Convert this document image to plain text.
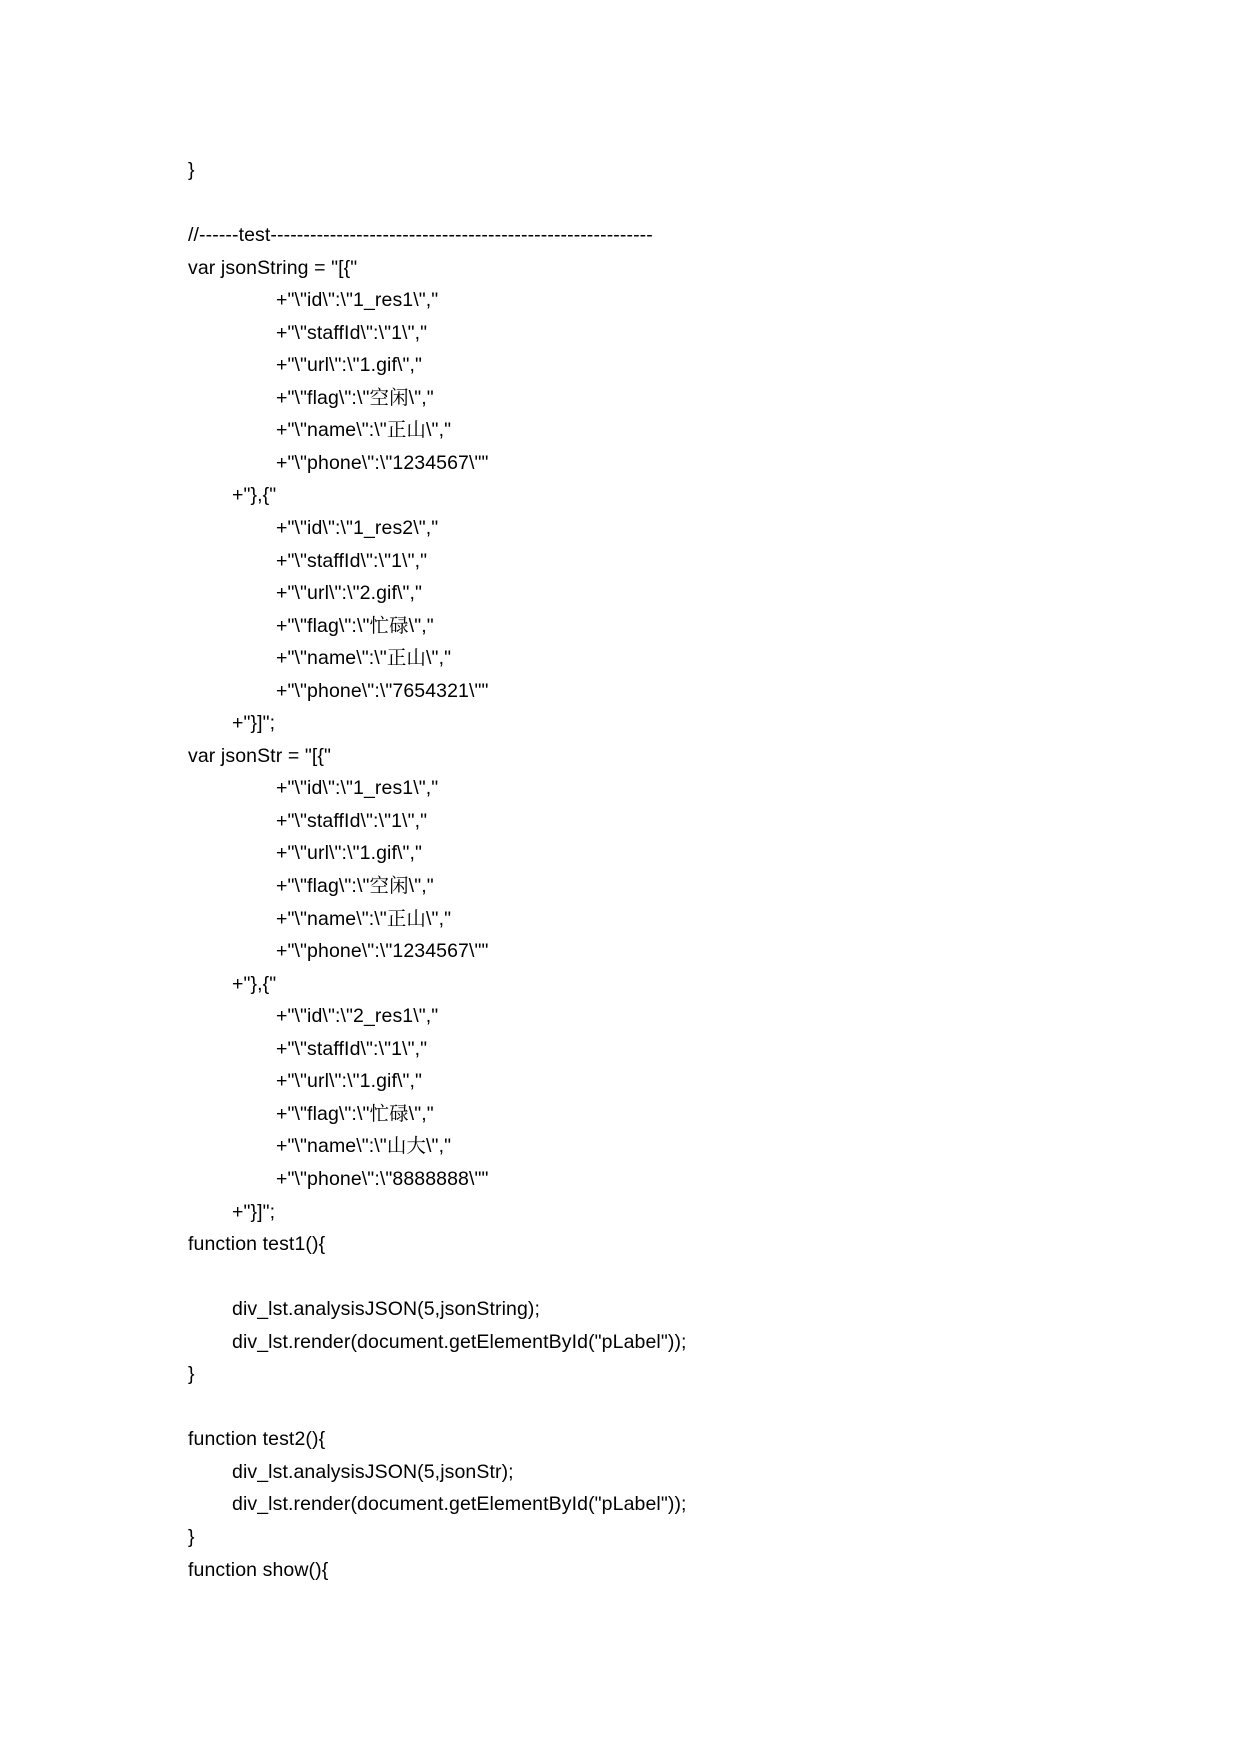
}
//------test----------------------------------------------------------
var jsonString = "[{"
+"\"id\":\"1_res1\","
+"\"staffId\":\"1\","
+"\"url\":\"1.gif\","
+"\"flag\":\"空闲\","
+"\"name\":\"正山\","
+"\"phone\":\"1234567\""
+"},{"
+"\"id\":\"1_res2\","
+"\"staffId\":\"1\","
+"\"url\":\"2.gif\","
+"\"flag\":\"忙碌\","
+"\"name\":\"正山\","
+"\"phone\":\"7654321\""
+"}]";
var jsonStr = "[{"
+"\"id\":\"1_res1\","
+"\"staffId\":\"1\","
+"\"url\":\"1.gif\","
+"\"flag\":\"空闲\","
+"\"name\":\"正山\","
+"\"phone\":\"1234567\""
+"},{"
+"\"id\":\"2_res1\","
+"\"staffId\":\"1\","
+"\"url\":\"1.gif\","
+"\"flag\":\"忙碌\","
+"\"name\":\"山大\","
+"\"phone\":\"8888888\""
+"}]";
function test1(){
div_lst.analysisJSON(5,jsonString);
div_lst.render(document.getElementById("pLabel"));
}
function test2(){
div_lst.analysisJSON(5,jsonStr);
div_lst.render(document.getElementById("pLabel"));
}
function show(){
